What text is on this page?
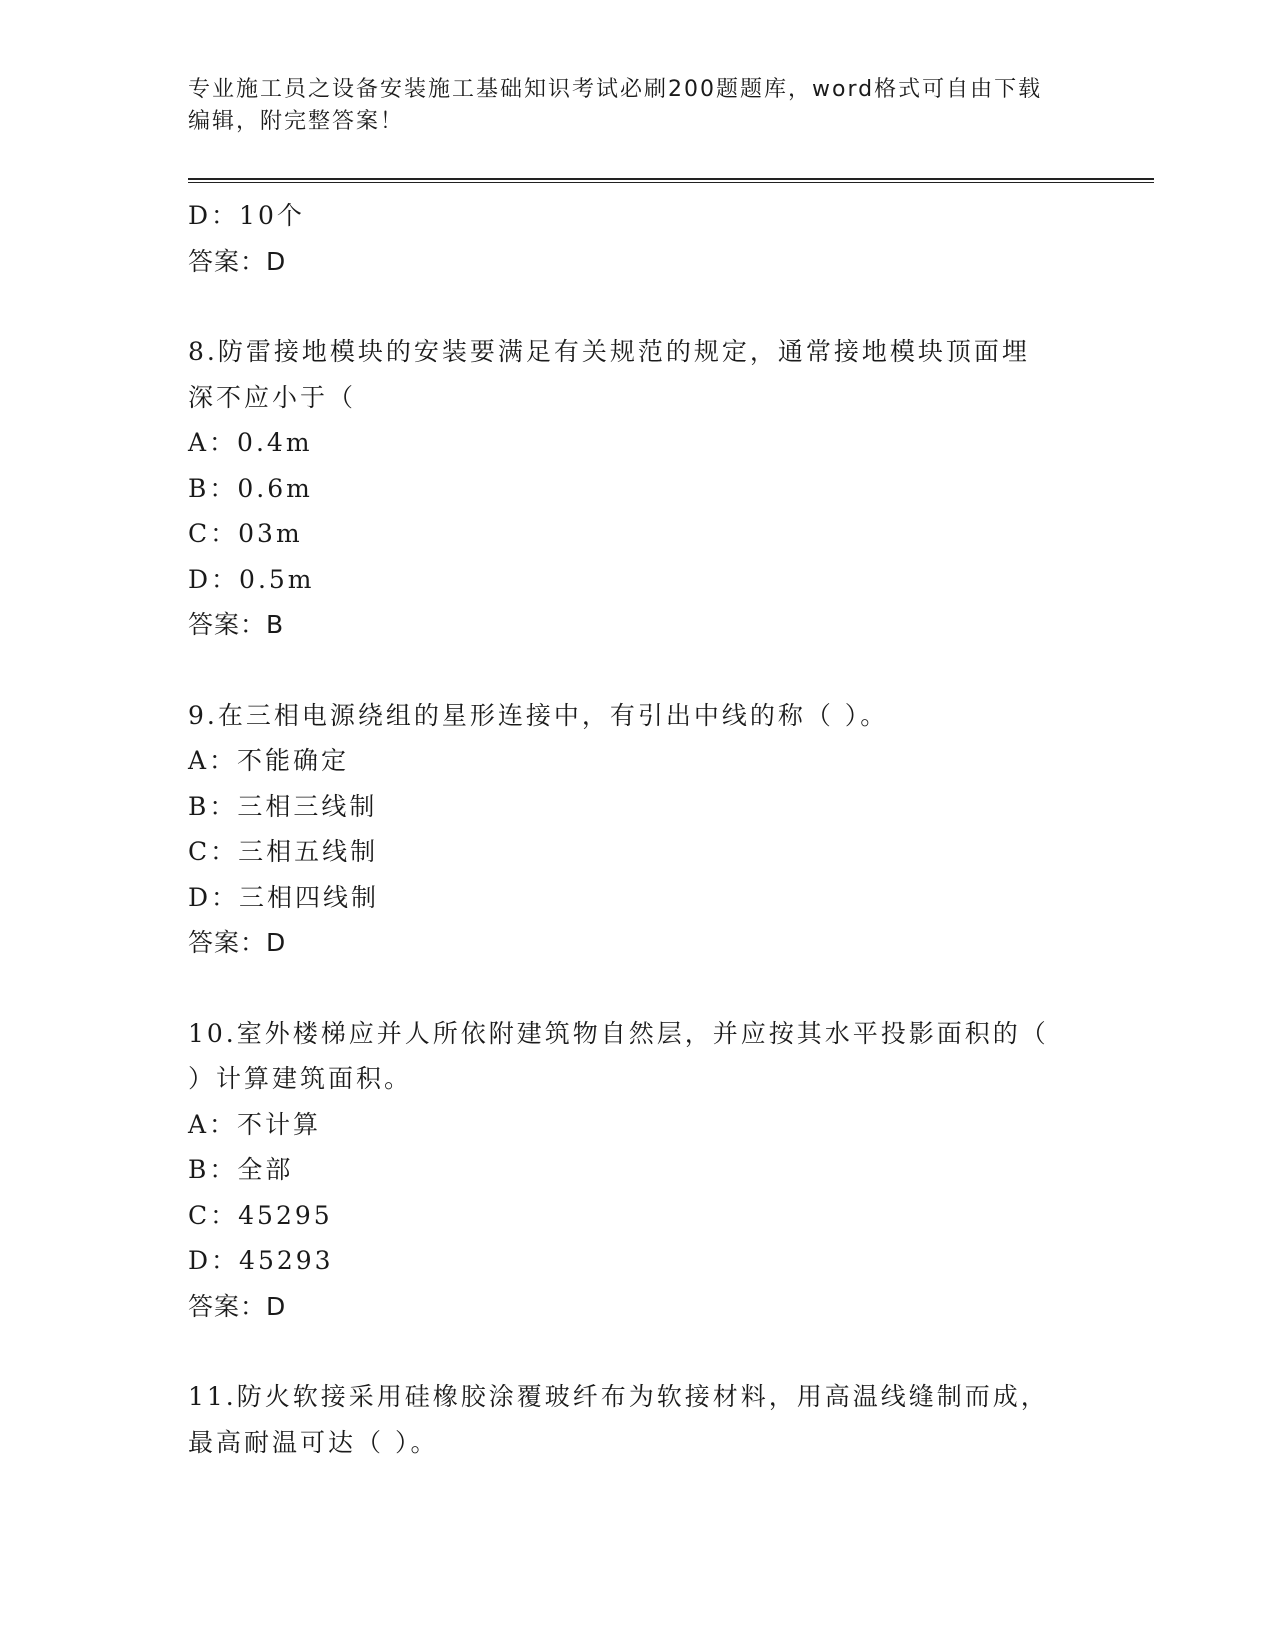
专业施工员之设备安装施工基础知识考试必刷200题题库，word格式可自由下载
编辑，附完整答案！
D：10个
答案：D
8.防雷接地模块的安装要满足有关规范的规定，通常接地模块顶面埋
深不应小于（
A：0.4m
B：0.6m
C：03m
D：0.5m
答案：B
9.在三相电源绕组的星形连接中，有引出中线的称（ ）。
A：不能确定
B：三相三线制
C：三相五线制
D：三相四线制
答案：D
10.室外楼梯应并人所依附建筑物自然层，并应按其水平投影面积的（
）计算建筑面积。
A：不计算
B：全部
C：45295
D：45293
答案：D
11.防火软接采用硅橡胶涂覆玻纤布为软接材料，用高温线缝制而成，
最高耐温可达（ ）。
